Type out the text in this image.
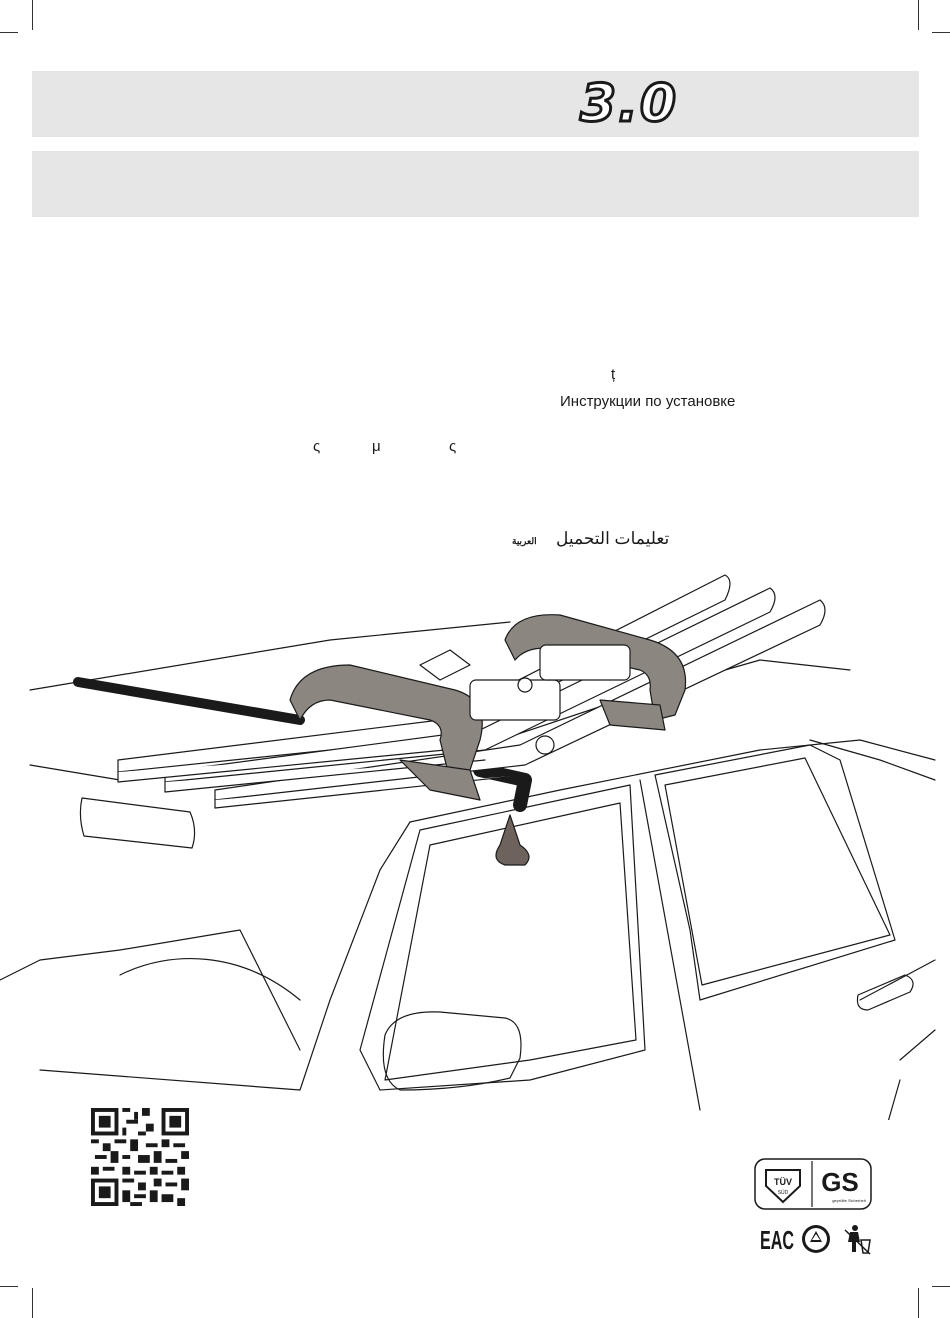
3.0
ț
Инструкции по установке
ς	μ	ς
تعليمات التحميل
العربية
TÜV
SÜD GS
geprüfte Sicherheit
EAC
